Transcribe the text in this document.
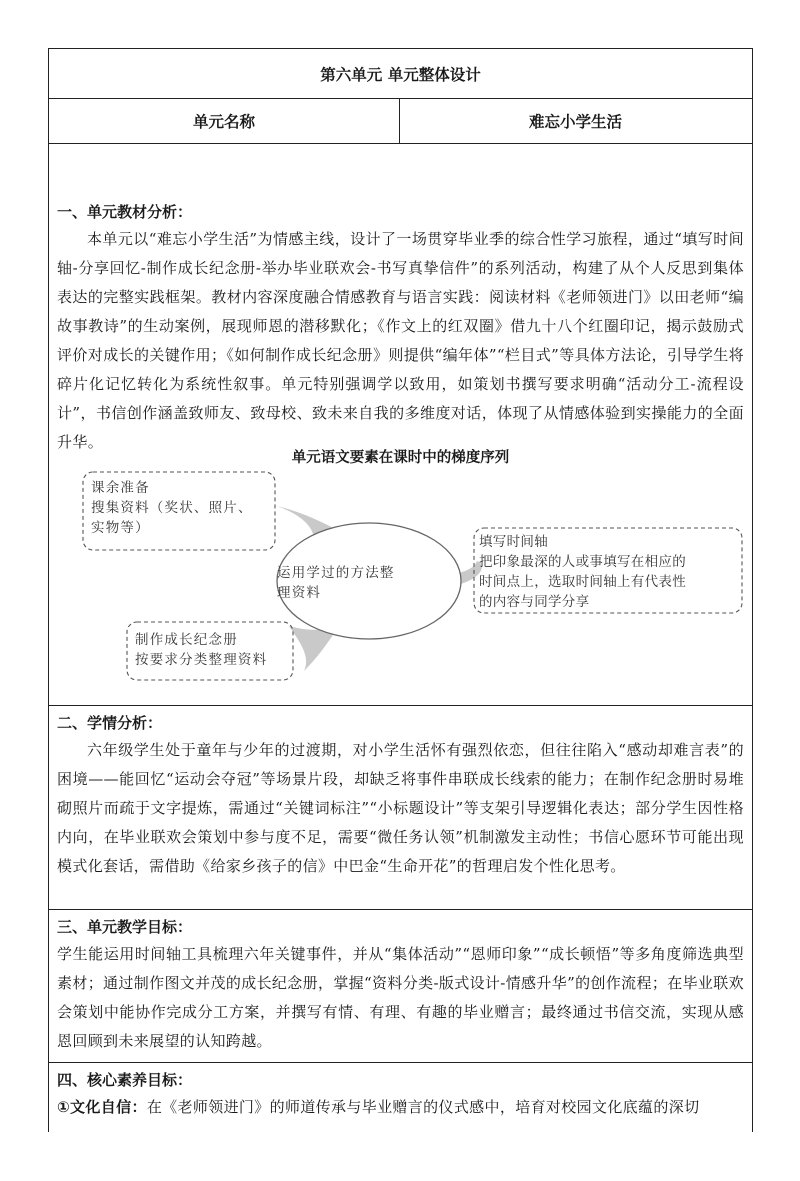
第六单元 单元整体设计
单元名称	难忘小学生活
一、单元教材分析：
本单元以“难忘小学生活”为情感主线，设计了一场贯穿毕业季的综合性学习旅程，通过“填写时间轴-分享回忆-制作成长纪念册-举办毕业联欢会-书写真挚信件”的系列活动，构建了从个人反思到集体表达的完整实践框架。教材内容深度融合情感教育与语言实践：阅读材料《老师领进门》以田老师“编故事教诗”的生动案例，展现师恩的潜移默化；《作文上的红双圈》借九十八个红圈印记，揭示鼓励式评价对成长的关键作用；《如何制作成长纪念册》则提供“编年体”“栏目式”等具体方法论，引导学生将碎片化记忆转化为系统性叙事。单元特别强调学以致用，如策划书撰写要求明确“活动分工-流程设计”，书信创作涵盖致师友、致母校、致未来自我的多维度对话，体现了从情感体验到实操能力的全面升华。
单元语文要素在课时中的梯度序列
运用学过的方法整
理资料
课余准备
搜集资料（奖状、照片、
实物等）
填写时间轴
把印象最深的人或事填写在相应的
时间点上，选取时间轴上有代表性
的内容与同学分享
制作成长纪念册
按要求分类整理资料
二、学情分析：
六年级学生处于童年与少年的过渡期，对小学生活怀有强烈依恋，但往往陷入“感动却难言表”的困境——能回忆“运动会夺冠”等场景片段，却缺乏将事件串联成长线索的能力；在制作纪念册时易堆砌照片而疏于文字提炼，需通过“关键词标注”“小标题设计”等支架引导逻辑化表达；部分学生因性格内向，在毕业联欢会策划中参与度不足，需要“微任务认领”机制激发主动性；书信心愿环节可能出现模式化套话，需借助《给家乡孩子的信》中巴金“生命开花”的哲理启发个性化思考。
三、单元教学目标：
学生能运用时间轴工具梳理六年关键事件，并从“集体活动”“恩师印象”“成长顿悟”等多角度筛选典型素材；通过制作图文并茂的成长纪念册，掌握“资料分类-版式设计-情感升华”的创作流程；在毕业联欢会策划中能协作完成分工方案，并撰写有情、有理、有趣的毕业赠言；最终通过书信交流，实现从感恩回顾到未来展望的认知跨越。
四、核心素养目标：
①文化自信：在《老师领进门》的师道传承与毕业赠言的仪式感中，培育对校园文化底蕴的深切
